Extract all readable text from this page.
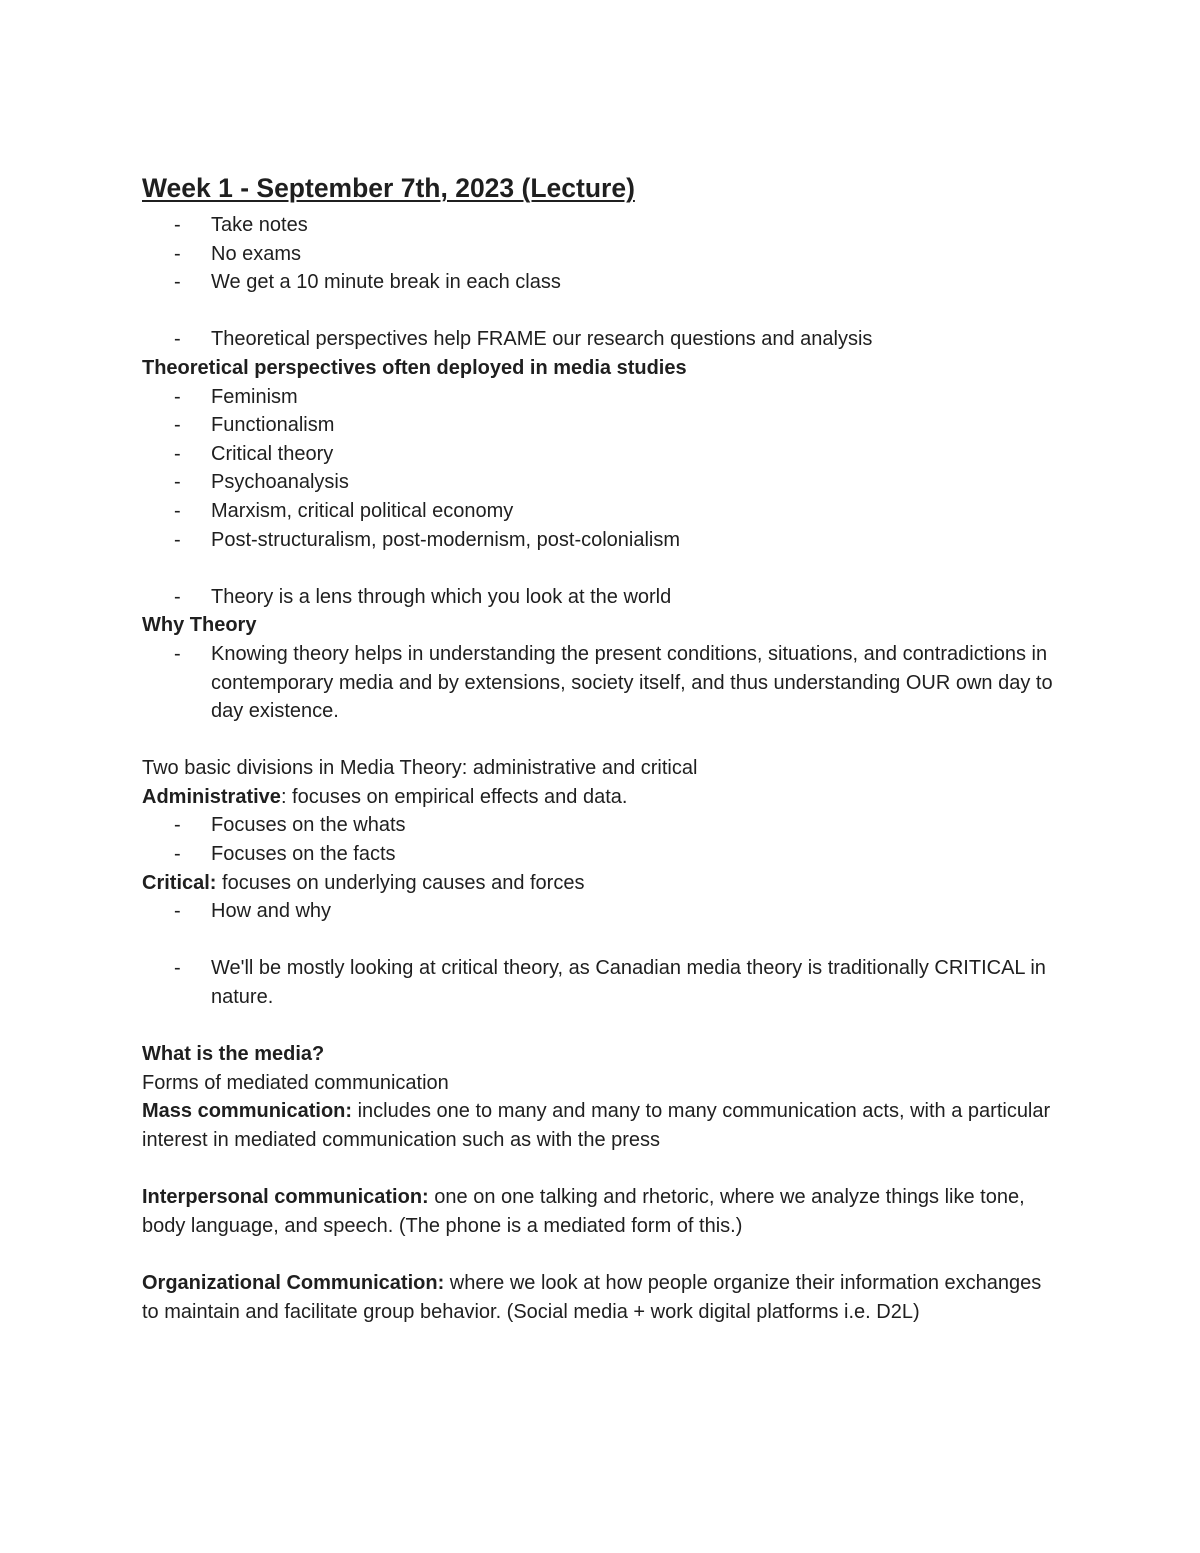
Week 1 - September 7th, 2023 (Lecture)
- Take notes
- No exams
- We get a 10 minute break in each class
- Theoretical perspectives help FRAME our research questions and analysis

Theoretical perspectives often deployed in media studies

- Feminism
- Functionalism
- Critical theory
- Psychoanalysis
- Marxism, critical political economy
- Post-structuralism, post-modernism, post-colonialism
- Theory is a lens through which you look at the world

Why Theory

- Knowing theory helps in understanding the present conditions, situations, and contradictions in contemporary media and by extensions, society itself, and thus understanding OUR own day to day existence.

Two basic divisions in Media Theory: administrative and critical

Administrative: focuses on empirical effects and data.

- Focuses on the whats
- Focuses on the facts

Critical: focuses on underlying causes and forces

- How and why
- We'll be mostly looking at critical theory, as Canadian media theory is traditionally CRITICAL in nature.

What is the media?

Forms of mediated communication

Mass communication: includes one to many and many to many communication acts, with a particular interest in mediated communication such as with the press

Interpersonal communication: one on one talking and rhetoric, where we analyze things like tone, body language, and speech. (The phone is a mediated form of this.)

Organizational Communication: where we look at how people organize their information exchanges to maintain and facilitate group behavior. (Social media + work digital platforms i.e. D2L)
